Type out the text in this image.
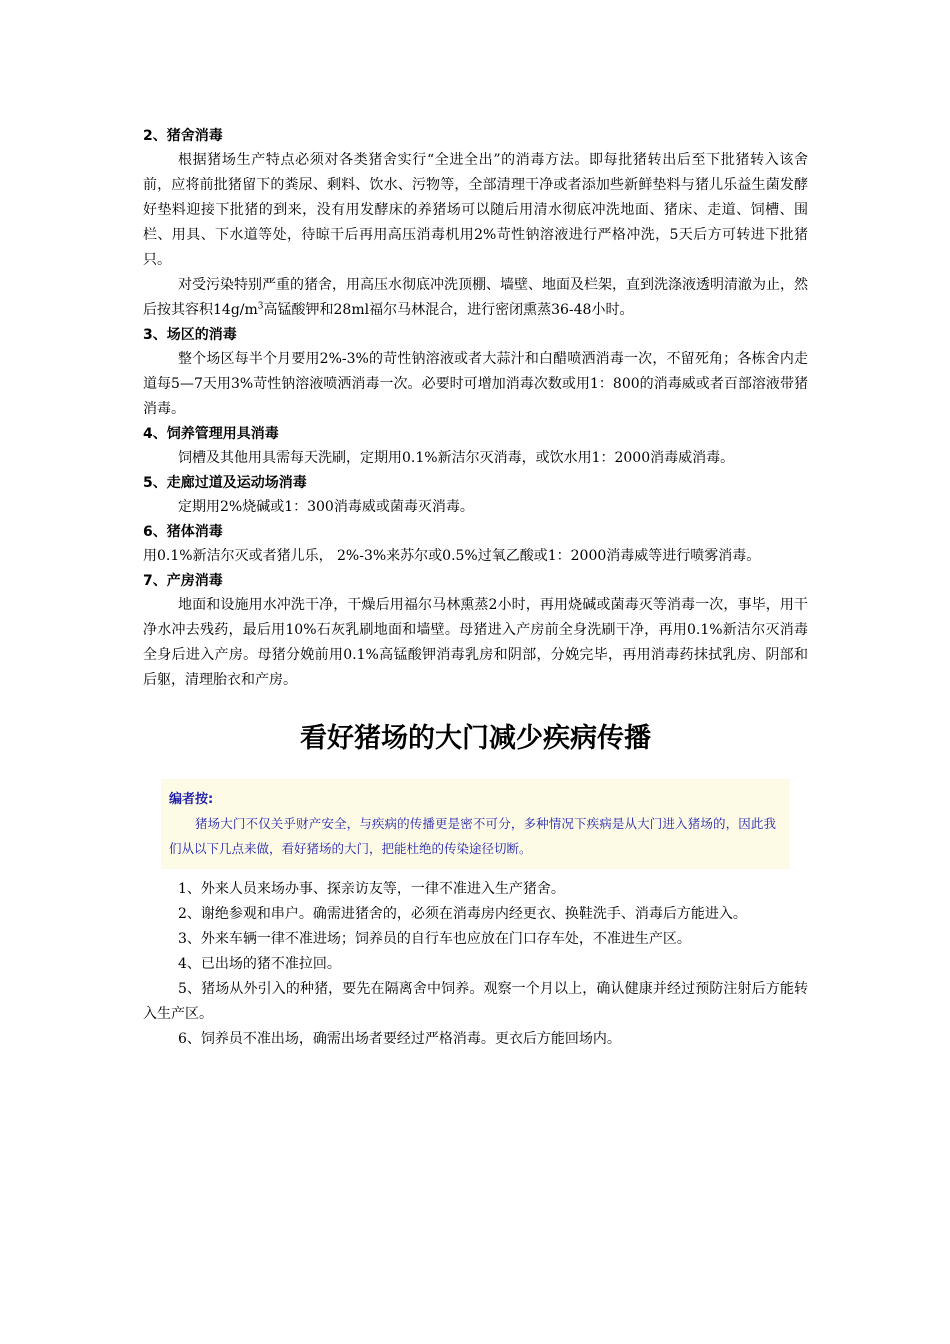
2、猪舍消毒

根据猪场生产特点必须对各类猪舍实行“全进全出”的消毒方法。即每批猪转出后至下批猪转入该舍前，应将前批猪留下的粪尿、剩料、饮水、污物等，全部清理干净或者添加些新鲜垫料与猪儿乐益生菌发酵好垫料迎接下批猪的到来，没有用发酵床的养猪场可以随后用清水彻底冲洗地面、猪床、走道、饲槽、围栏、用具、下水道等处，待晾干后再用高压消毒机用2%苛性钠溶液进行严格冲洗，5天后方可转进下批猪只。

对受污染特别严重的猪舍，用高压水彻底冲洗顶棚、墙壁、地面及栏架，直到洗涤液透明清澈为止，然后按其容积$14g/m^3$高锰酸钾和28ml福尔马林混合，进行密闭熏蒸36-48小时。

3、场区的消毒

整个场区每半个月要用2%-3%的苛性钠溶液或者大蒜汁和白醋喷洒消毒一次，不留死角；各栋舍内走道每5—7天用3%苛性钠溶液喷洒消毒一次。必要时可增加消毒次数或用1：800的消毒威或者百部溶液带猪消毒。

4、饲养管理用具消毒

饲槽及其他用具需每天洗刷，定期用0.1%新洁尔灭消毒，或饮水用1：2000消毒威消毒。

5、走廊过道及运动场消毒

定期用2%烧碱或1：300消毒威或菌毒灭消毒。

6、猪体消毒

用0.1%新洁尔灭或者猪儿乐， 2%-3%来苏尔或0.5%过氧乙酸或1：2000消毒威等进行喷雾消毒。

7、产房消毒

地面和设施用水冲洗干净，干燥后用福尔马林熏蒸2小时，再用烧碱或菌毒灭等消毒一次，事毕，用干净水冲去残药，最后用10%石灰乳刷地面和墙壁。母猪进入产房前全身洗刷干净，再用0.1%新洁尔灭消毒全身后进入产房。母猪分娩前用0.1%高锰酸钾消毒乳房和阴部，分娩完毕，再用消毒药抹拭乳房、阴部和后躯，清理胎衣和产房。

看好猪场的大门减少疾病传播

编者按:

猪场大门不仅关乎财产安全，与疾病的传播更是密不可分，多种情况下疾病是从大门进入猪场的，因此我们从以下几点来做，看好猪场的大门，把能杜绝的传染途径切断。

1、外来人员来场办事、探亲访友等，一律不准进入生产猪舍。

2、谢绝参观和串户。确需进猪舍的，必须在消毒房内经更衣、换鞋洗手、消毒后方能进入。

3、外来车辆一律不准进场；饲养员的自行车也应放在门口存车处，不准进生产区。

4、已出场的猪不准拉回。

5、猪场从外引入的种猪，要先在隔离舍中饲养。观察一个月以上，确认健康并经过预防注射后方能转入生产区。

6、饲养员不准出场，确需出场者要经过严格消毒。更衣后方能回场内。
